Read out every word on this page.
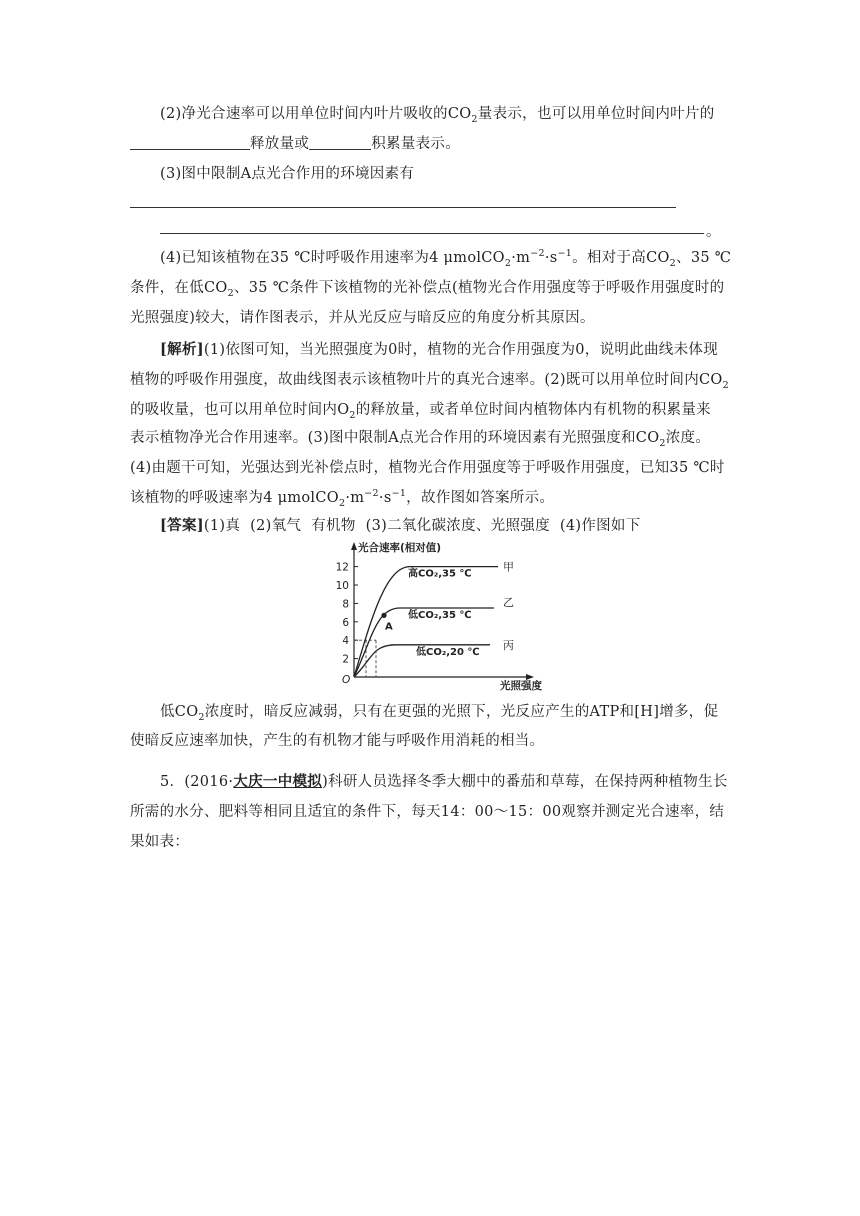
(2)净光合速率可以用单位时间内叶片吸收的$CO_2$量表示，也可以用单位时间内叶片的
释放量或	积累量表示。
(3)图中限制A点光合作用的环境因素有
。
(4)已知该植物在35 ℃时呼吸作用速率为4 $\mu molCO_2\cdot m^{-2}\cdot s^{-1}$。相对于高$CO_2$、35 ℃
条件，在低$CO_2$、35 ℃条件下该植物的光补偿点(植物光合作用强度等于呼吸作用强度时的
光照强度)较大，请作图表示，并从光反应与暗反应的角度分析其原因。
[解析](1)依图可知，当光照强度为0时，植物的光合作用强度为0，说明此曲线未体现
植物的呼吸作用强度，故曲线图表示该植物叶片的真光合速率。(2)既可以用单位时间内$CO_2$
的吸收量，也可以用单位时间内$O_2$的释放量，或者单位时间内植物体内有机物的积累量来
表示植物净光合作用速率。(3)图中限制A点光合作用的环境因素有光照强度和$CO_2$浓度。
(4)由题干可知，光强达到光补偿点时，植物光合作用强度等于呼吸作用强度，已知35 ℃时
该植物的呼吸速率为4 $\mu molCO_2\cdot m^{-2}\cdot s^{-1}$，故作图如答案所示。
[答案](1)真 (2)氧气 有机物 (3)二氧化碳浓度、光照强度 (4)作图如下
光合速率(相对值)
光照强度
O
2
4
6
8
10
12
高CO₂,35 ℃
甲
低CO₂,35 ℃
乙
低CO₂,20 ℃
丙
A
低$CO_2$浓度时，暗反应减弱，只有在更强的光照下，光反应产生的ATP和[H]增多，促
使暗反应速率加快，产生的有机物才能与呼吸作用消耗的相当。
5．(2016·大庆一中模拟)科研人员选择冬季大棚中的番茄和草莓，在保持两种植物生长
所需的水分、肥料等相同且适宜的条件下，每天14：00～15：00观察并测定光合速率，结
果如表：
